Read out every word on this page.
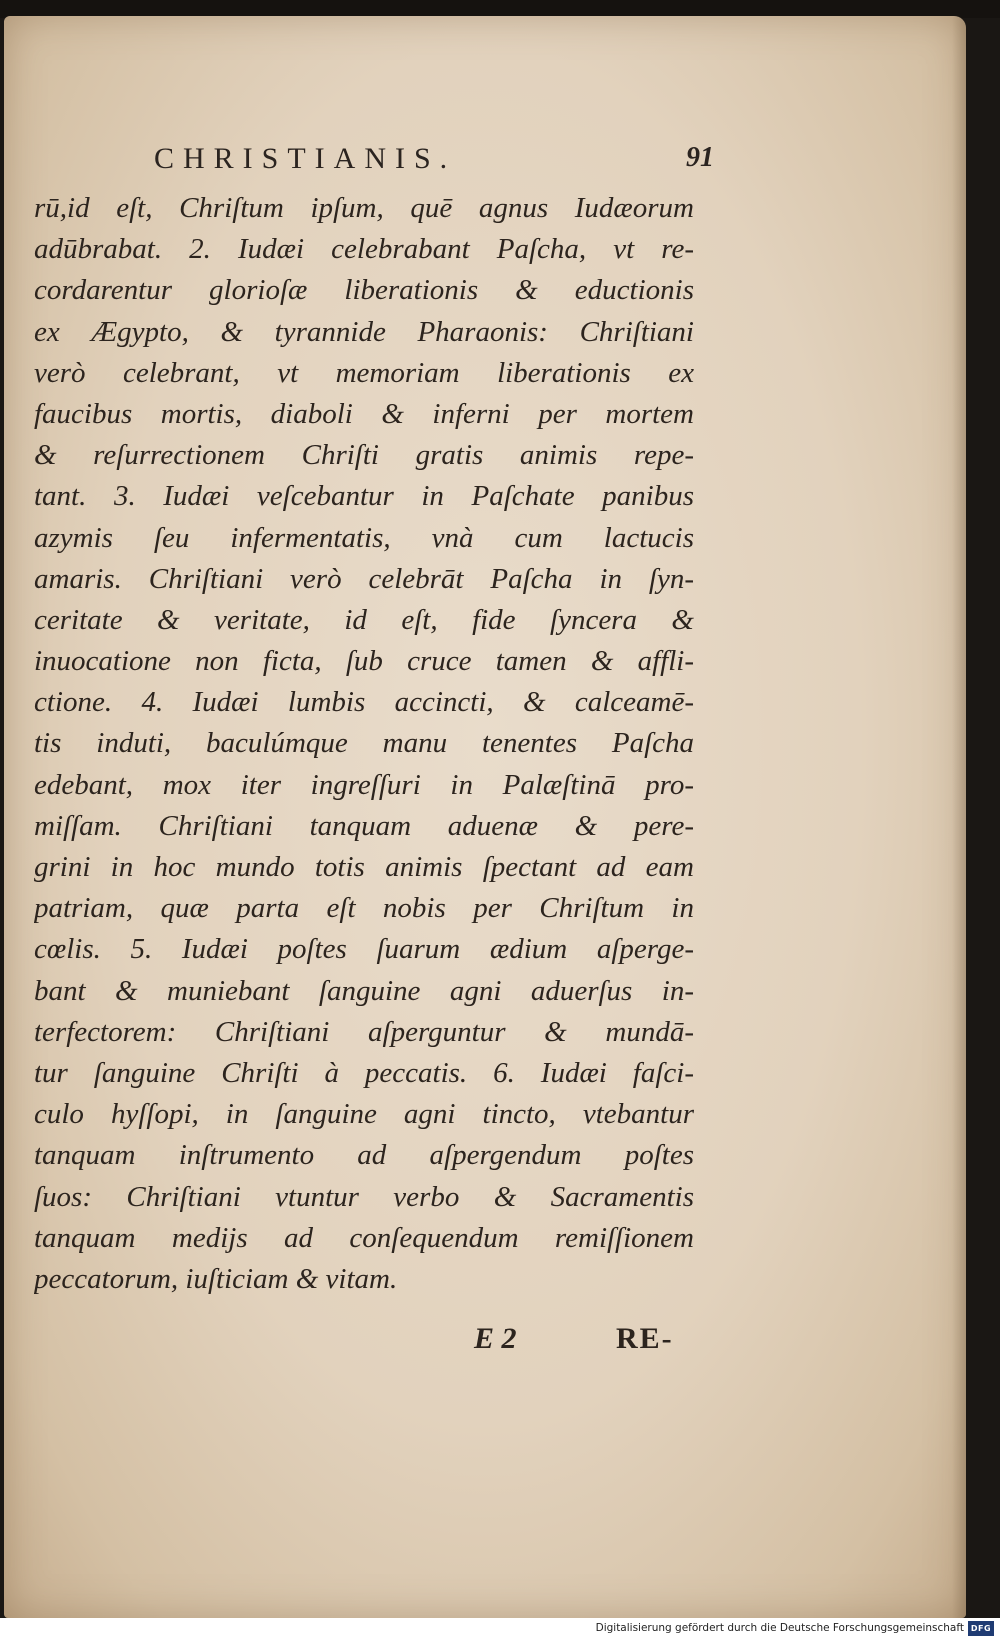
CHRISTIANIS.	91
rū,id eſt, Chriſtum ipſum, quē agnus Iudæorum
adūbrabat. 2. Iudæi celebrabant Paſcha, vt re-
cordarentur glorioſæ liberationis & eductionis
ex Ægypto, & tyrannide Pharaonis: Chriſtiani
verò celebrant, vt memoriam liberationis ex
faucibus mortis, diaboli & inferni per mortem
& reſurrectionem Chriſti gratis animis repe-
tant. 3. Iudæi veſcebantur in Paſchate panibus
azymis ſeu infermentatis, vnà cum lactucis
amaris. Chriſtiani verò celebrāt Paſcha in ſyn-
ceritate & veritate, id eſt, fide ſyncera &
inuocatione non ficta, ſub cruce tamen & affli-
ctione. 4. Iudæi lumbis accincti, & calceamē-
tis induti, baculúmque manu tenentes Paſcha
edebant, mox iter ingreſſuri in Palæſtinā pro-
miſſam. Chriſtiani tanquam aduenæ & pere-
grini in hoc mundo totis animis ſpectant ad eam
patriam, quæ parta eſt nobis per Chriſtum in
cœlis. 5. Iudæi poſtes ſuarum ædium aſperge-
bant & muniebant ſanguine agni aduerſus in-
terfectorem: Chriſtiani aſperguntur & mundā-
tur ſanguine Chriſti à peccatis. 6. Iudæi faſci-
culo hyſſopi, in ſanguine agni tincto, vtebantur
tanquam inſtrumento ad aſpergendum poſtes
ſuos: Chriſtiani vtuntur verbo & Sacramentis
tanquam medijs ad conſequendum remiſſionem
peccatorum, iuſticiam & vitam.
E 2	RE-
Digitalisierung gefördert durch die Deutsche Forschungsgemeinschaft DFG
